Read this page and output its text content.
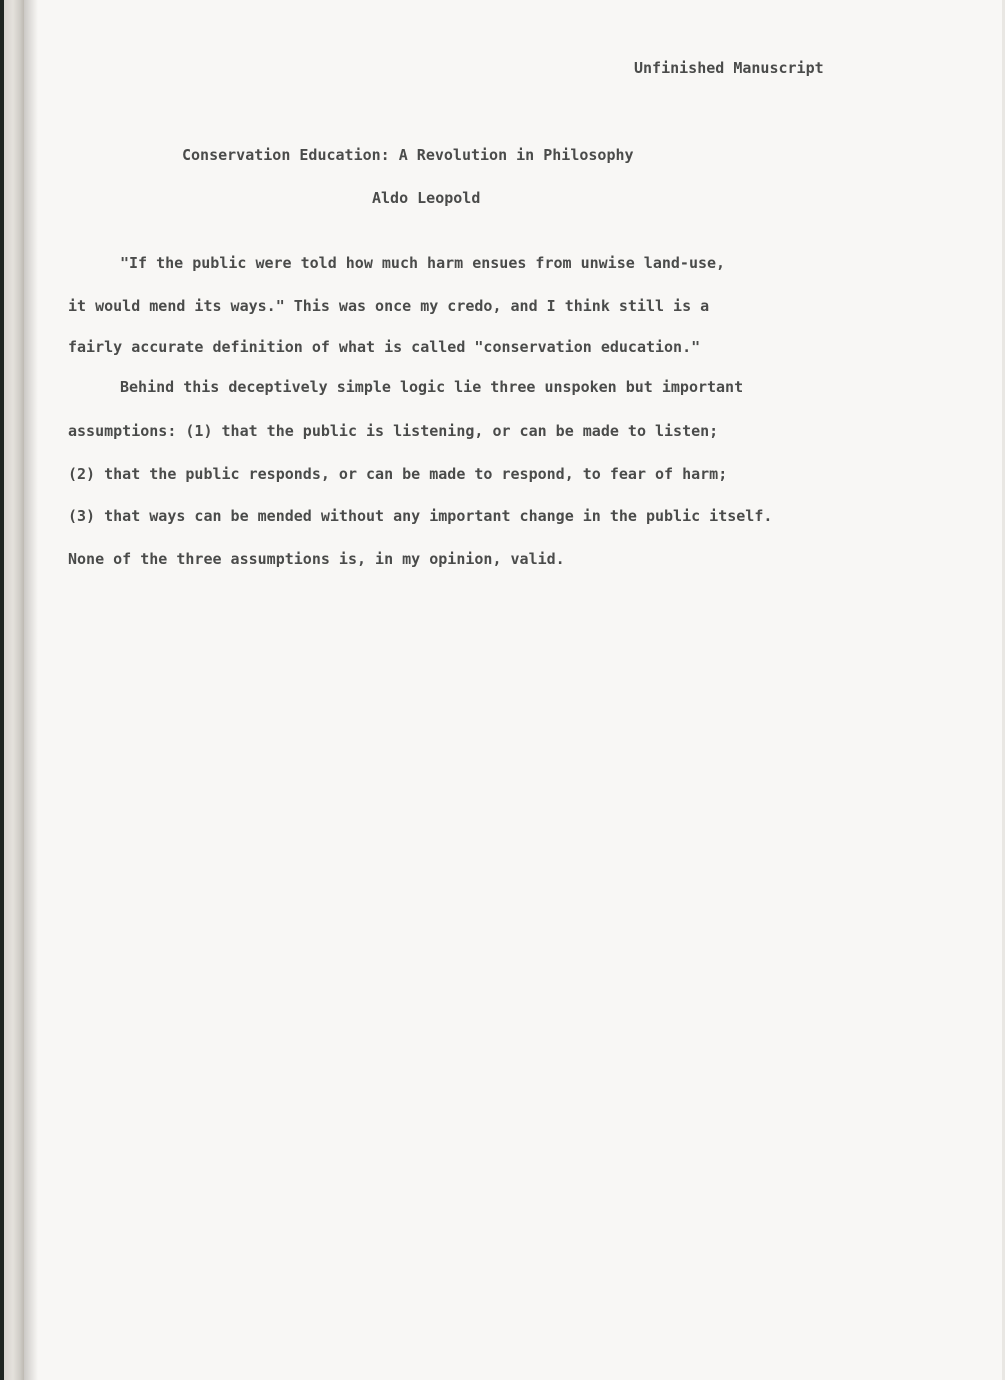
Unfinished Manuscript
Conservation Education: A Revolution in Philosophy
Aldo Leopold
"If the public were told how much harm ensues from unwise land-use,
it would mend its ways." This was once my credo, and I think still is a
fairly accurate definition of what is called "conservation education."
Behind this deceptively simple logic lie three unspoken but important
assumptions: (1) that the public is listening, or can be made to listen;
(2) that the public responds, or can be made to respond, to fear of harm;
(3) that ways can be mended without any important change in the public itself.
None of the three assumptions is, in my opinion, valid.
